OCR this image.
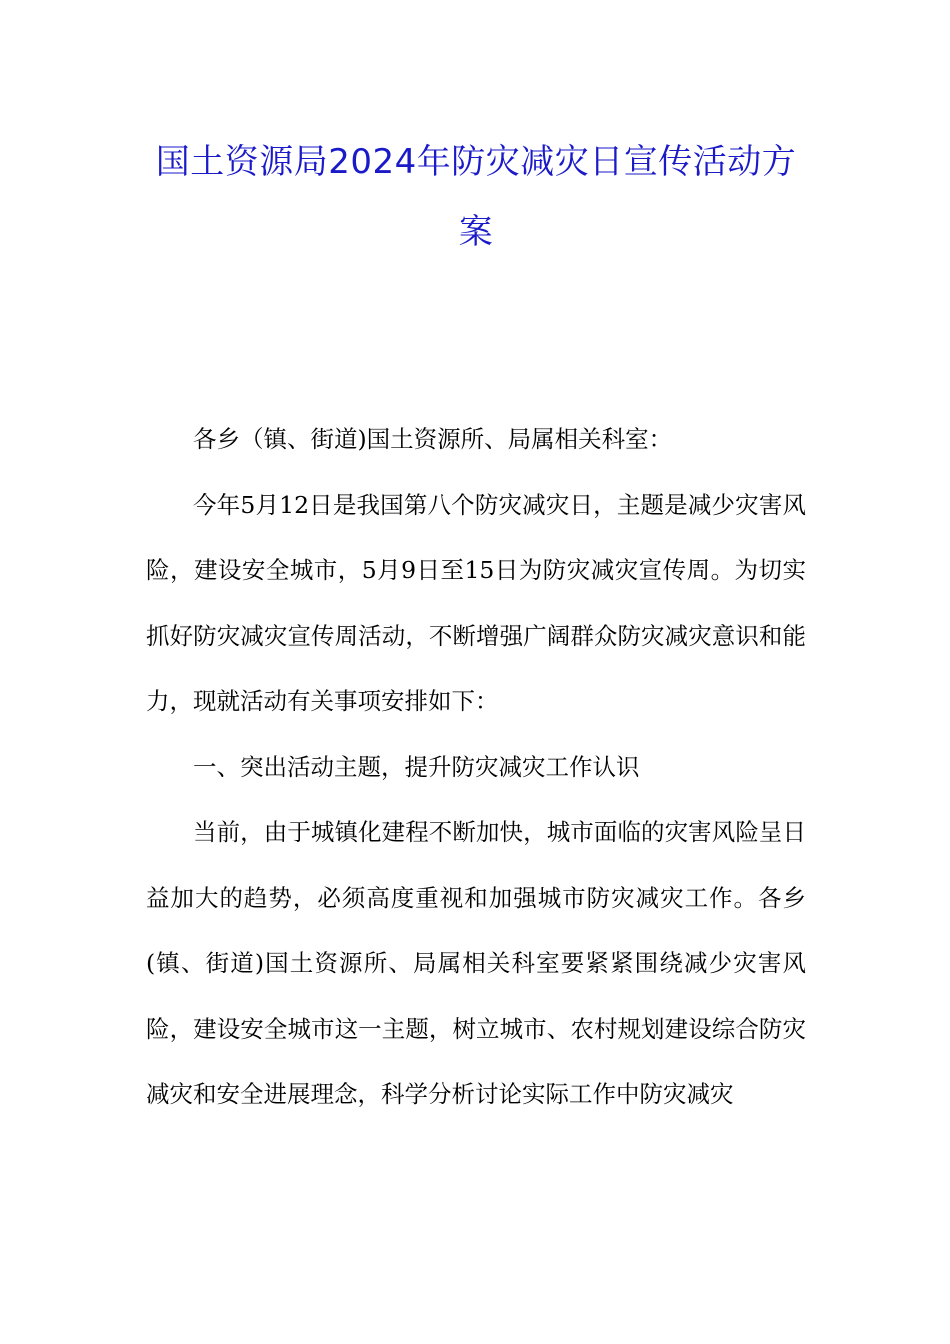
国土资源局2024年防灾减灾日宣传活动方案

各乡（镇、街道)国土资源所、局属相关科室：

今年5月12日是我国第八个防灾减灾日，主题是减少灾害风险，建设安全城市，5月9日至15日为防灾减灾宣传周。为切实抓好防灾减灾宣传周活动，不断增强广阔群众防灾减灾意识和能力，现就活动有关事项安排如下：

一、突出活动主题，提升防灾减灾工作认识

当前，由于城镇化建程不断加快，城市面临的灾害风险呈日益加大的趋势，必须高度重视和加强城市防灾减灾工作。各乡(镇、街道)国土资源所、局属相关科室要紧紧围绕减少灾害风险，建设安全城市这一主题，树立城市、农村规划建设综合防灾减灾和安全进展理念，科学分析讨论实际工作中防灾减灾
